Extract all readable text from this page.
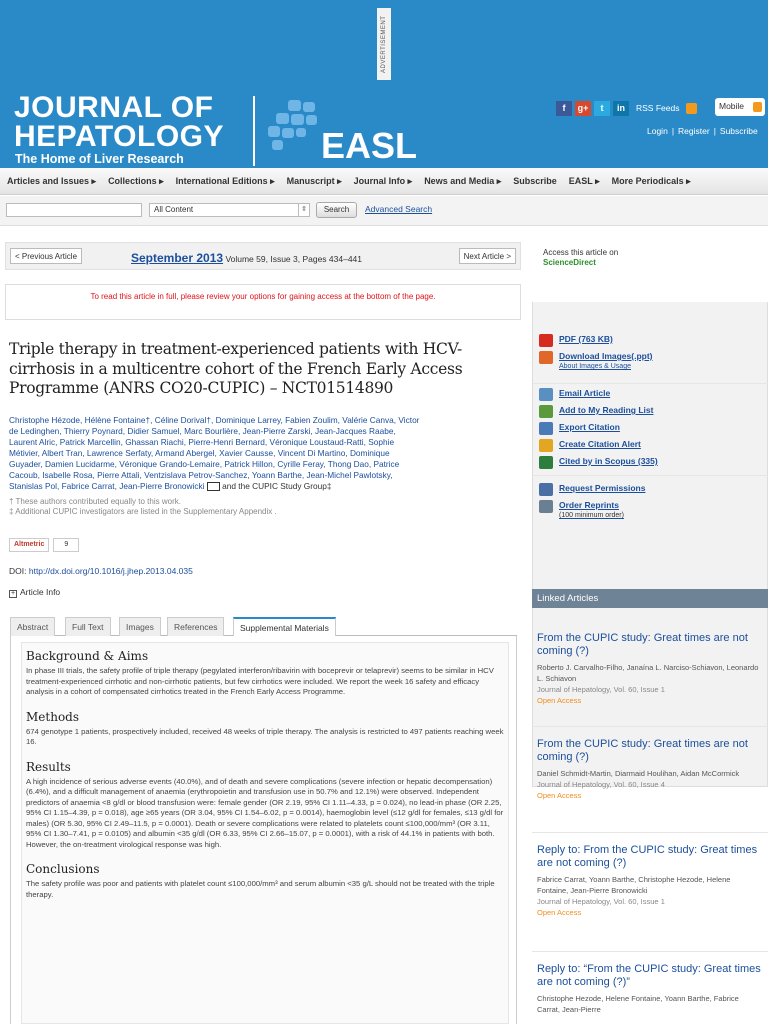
ADVERTISEMENT
JOURNAL OF
HEPATOLOGY
The Home of Liver Research	EASL
f	g+	t	in	RSS Feeds	Mobile
Login | Register | Subscribe
Articles and Issues ▸ Collections ▸ International Editions ▸ Manuscript ▸ Journal Info ▸ News and Media ▸ Subscribe EASL ▸ More Periodicals ▸
All Content	⇳	Search	Advanced Search
< Previous Article	September 2013 Volume 59, Issue 3, Pages 434–441	Next Article >
To read this article in full, please review your options for gaining access at the bottom of the page.
Triple therapy in treatment-experienced patients with HCV-cirrhosis in a multicentre cohort of the French Early Access Programme (ANRS CO20-CUPIC) – NCT01514890
Christophe Hézode, Hélène Fontaine†, Céline Dorival†, Dominique Larrey, Fabien Zoulim, Valérie Canva, Victor
de Ledinghen, Thierry Poynard, Didier Samuel, Marc Bourlière, Jean-Pierre Zarski, Jean-Jacques Raabe,
Laurent Alric, Patrick Marcellin, Ghassan Riachi, Pierre-Henri Bernard, Véronique Loustaud-Ratti, Sophie
Métivier, Albert Tran, Lawrence Serfaty, Armand Abergel, Xavier Causse, Vincent Di Martino, Dominique
Guyader, Damien Lucidarme, Véronique Grando-Lemaire, Patrick Hillon, Cyrille Feray, Thong Dao, Patrice
Cacoub, Isabelle Rosa, Pierre Attali, Ventzislava Petrov-Sanchez, Yoann Barthe, Jean-Michel Pawlotsky,
Stanislas Pol, Fabrice Carrat, Jean-Pierre Bronowicki and the CUPIC Study Group‡
† These authors contributed equally to this work.
‡ Additional CUPIC investigators are listed in the Supplementary Appendix .
Altmetric	9
DOI: http://dx.doi.org/10.1016/j.jhep.2013.04.035
+ Article Info
Abstract	Full Text	Images	References	Supplemental Materials
Background & Aims
In phase III trials, the safety profile of triple therapy (pegylated interferon/ribavirin with boceprevir or telaprevir) seems to be similar in HCV treatment-experienced cirrhotic and non-cirrhotic patients, but few cirrhotics were included. We report the week 16 safety and efficacy analysis in a cohort of compensated cirrhotics treated in the French Early Access Programme.
Methods
674 genotype 1 patients, prospectively included, received 48 weeks of triple therapy. The analysis is restricted to 497 patients reaching week 16.
Results
A high incidence of serious adverse events (40.0%), and of death and severe complications (severe infection or hepatic decompensation) (6.4%), and a difficult management of anaemia (erythropoietin and transfusion use in 50.7% and 12.1%) were observed. Independent predictors of anaemia <8 g/dl or blood transfusion were: female gender (OR 2.19, 95% CI 1.11–4.33, p = 0.024), no lead-in phase (OR 2.25, 95% CI 1.15–4.39, p = 0.018), age ≥65 years (OR 3.04, 95% CI 1.54–6.02, p = 0.0014), haemoglobin level (≤12 g/dl for females, ≤13 g/dl for males) (OR 5.30, 95% CI 2.49–11.5, p = 0.0001). Death or severe complications were related to platelets count ≤100,000/mm³ (OR 3.11, 95% CI 1.30–7.41, p = 0.0105) and albumin <35 g/dl (OR 6.33, 95% CI 2.66–15.07, p = 0.0001), with a risk of 44.1% in patients with both. However, the on-treatment virological response was high.
Conclusions
The safety profile was poor and patients with platelet count ≤100,000/mm³ and serum albumin <35 g/L should not be treated with the triple therapy.
Access this article on
ScienceDirect
PDF (763 KB)
Download Images(.ppt)
About Images & Usage
Email Article
Add to My Reading List
Export Citation
Create Citation Alert
Cited by in Scopus (335)
Request Permissions
Order Reprints
(100 minimum order)
Linked Articles
From the CUPIC study: Great times are not coming (?)
Roberto J. Carvalho-Filho, Janaína L. Narciso-Schiavon, Leonardo L. Schiavon
Journal of Hepatology, Vol. 60, Issue 1
Open Access
From the CUPIC study: Great times are not coming (?)
Daniel Schmidt-Martin, Diarmaid Houlihan, Aidan McCormick
Journal of Hepatology, Vol. 60, Issue 4
Open Access
Reply to: From the CUPIC study: Great times are not coming (?)
Fabrice Carrat, Yoann Barthe, Christophe Hezode, Helene Fontaine, Jean-Pierre Bronowicki
Journal of Hepatology, Vol. 60, Issue 1
Open Access
Reply to: “From the CUPIC study: Great times are not coming (?)”
Christophe Hezode, Helene Fontaine, Yoann Barthe, Fabrice Carrat, Jean-Pierre
